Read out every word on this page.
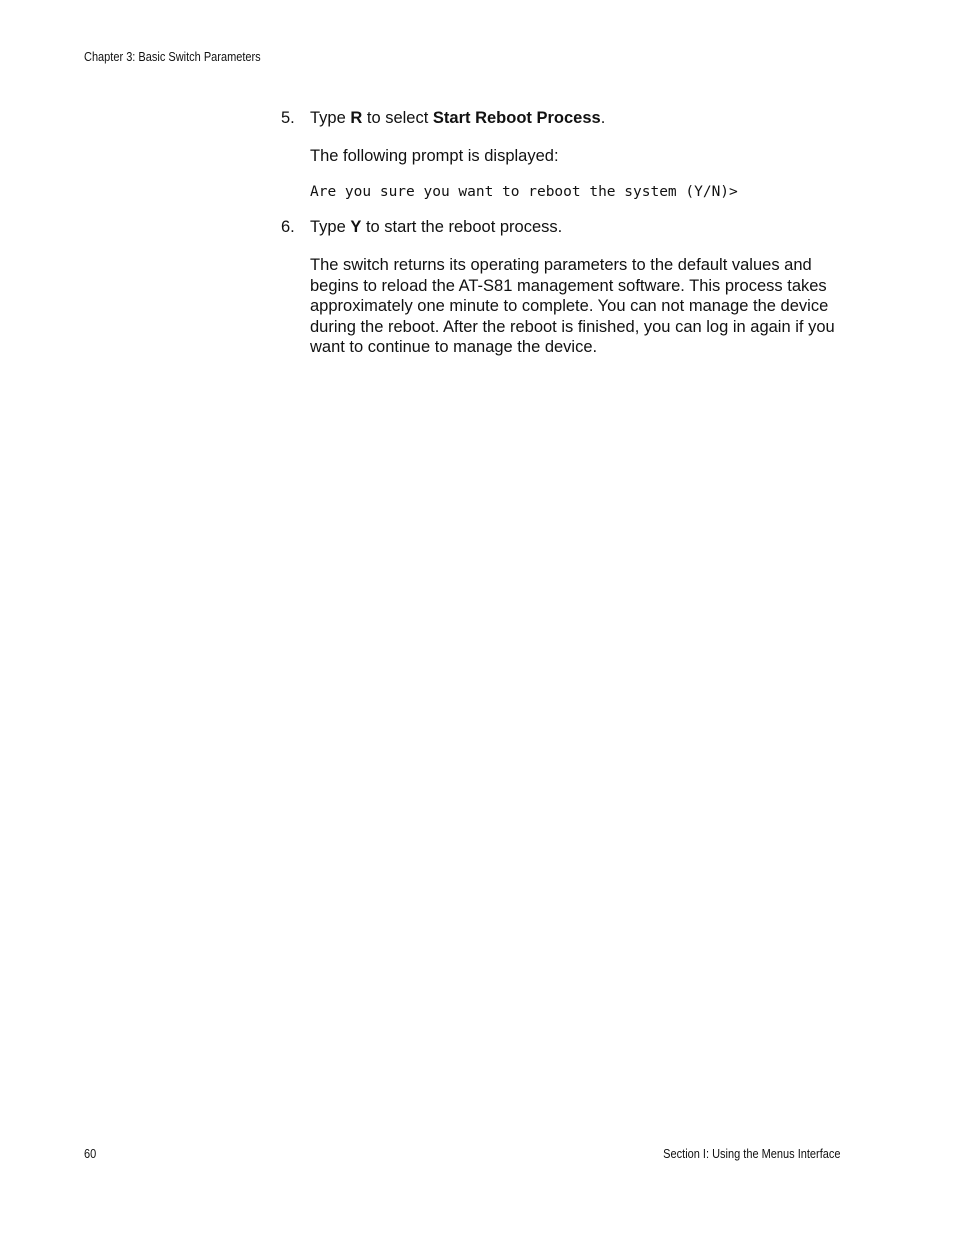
Chapter 3: Basic Switch Parameters
5. Type R to select Start Reboot Process.
The following prompt is displayed:
Are you sure you want to reboot the system (Y/N)>
6. Type Y to start the reboot process.
The switch returns its operating parameters to the default values and begins to reload the AT-S81 management software. This process takes approximately one minute to complete. You can not manage the device during the reboot. After the reboot is finished, you can log in again if you want to continue to manage the device.
60	Section I: Using the Menus Interface
